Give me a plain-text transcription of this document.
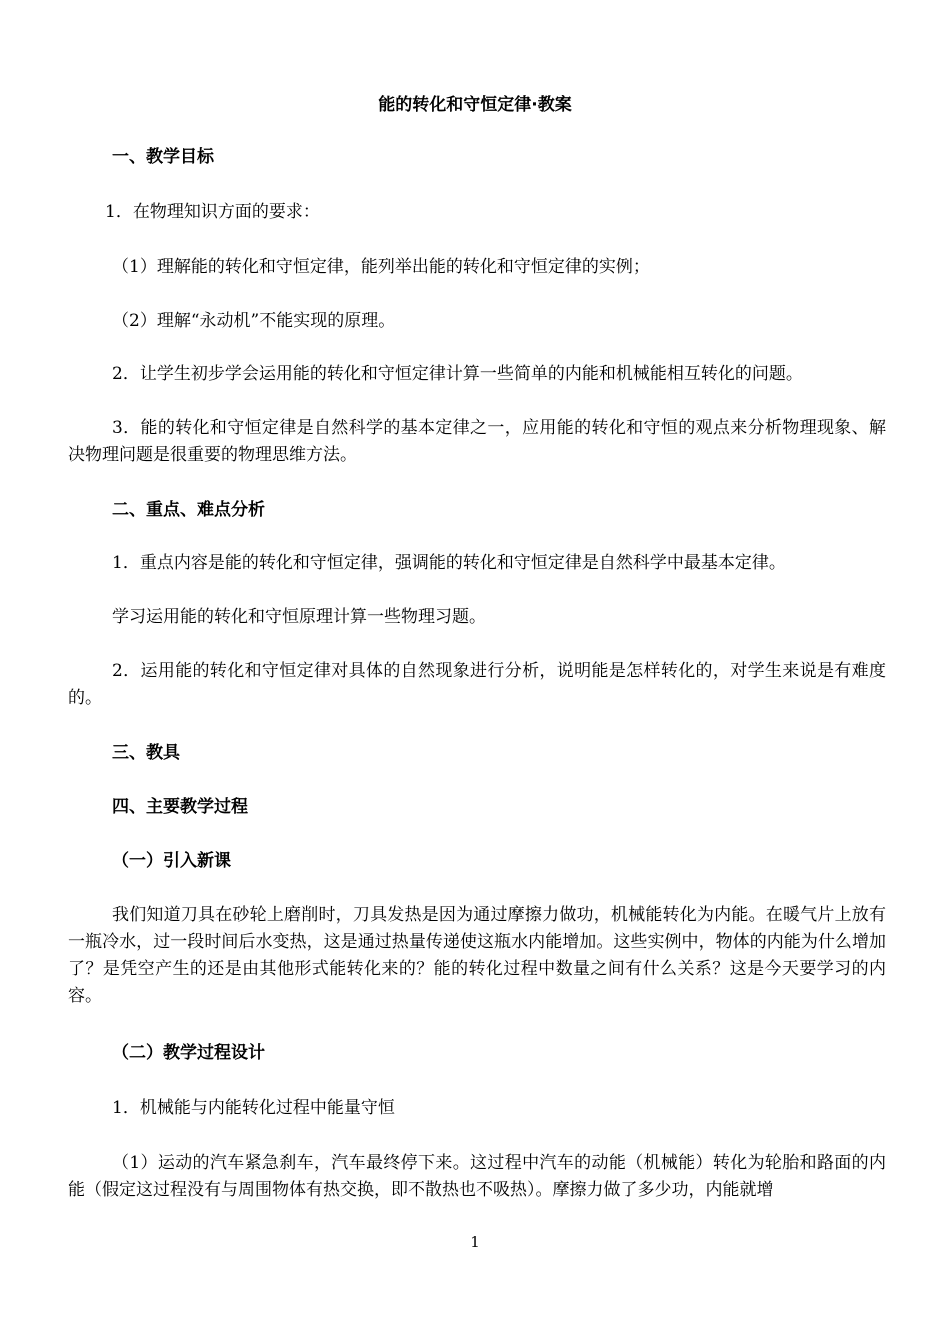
能的转化和守恒定律·教案
一、教学目标
1．在物理知识方面的要求：
（1）理解能的转化和守恒定律，能列举出能的转化和守恒定律的实例；
（2）理解“永动机”不能实现的原理。
2．让学生初步学会运用能的转化和守恒定律计算一些简单的内能和机械能相互转化的问题。
3．能的转化和守恒定律是自然科学的基本定律之一，应用能的转化和守恒的观点来分析物理现象、解决物理问题是很重要的物理思维方法。
二、重点、难点分析
1．重点内容是能的转化和守恒定律，强调能的转化和守恒定律是自然科学中最基本定律。
学习运用能的转化和守恒原理计算一些物理习题。
2．运用能的转化和守恒定律对具体的自然现象进行分析，说明能是怎样转化的，对学生来说是有难度的。
三、教具
四、主要教学过程
（一）引入新课
我们知道刀具在砂轮上磨削时，刀具发热是因为通过摩擦力做功，机械能转化为内能。在暖气片上放有一瓶冷水，过一段时间后水变热，这是通过热量传递使这瓶水内能增加。这些实例中，物体的内能为什么增加了？是凭空产生的还是由其他形式能转化来的？能的转化过程中数量之间有什么关系？这是今天要学习的内容。
（二）教学过程设计
1．机械能与内能转化过程中能量守恒
（1）运动的汽车紧急刹车，汽车最终停下来。这过程中汽车的动能（机械能）转化为轮胎和路面的内能（假定这过程没有与周围物体有热交换，即不散热也不吸热）。摩擦力做了多少功，内能就增
1
